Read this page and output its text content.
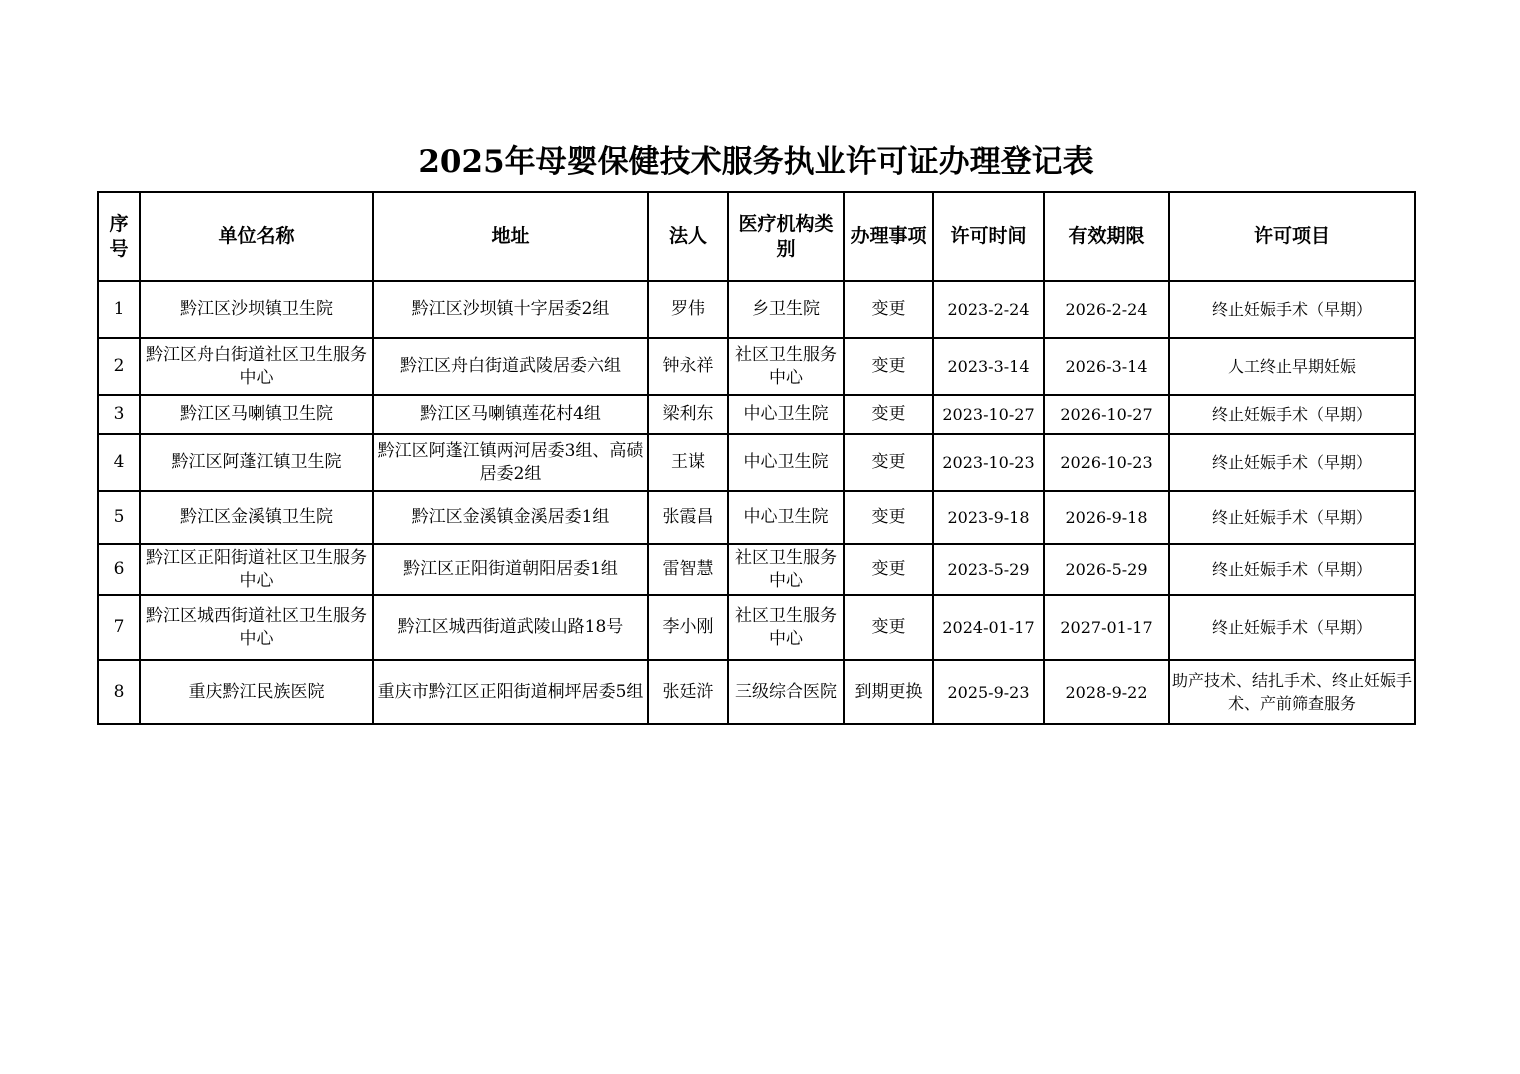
2025年母婴保健技术服务执业许可证办理登记表
序号	单位名称	地址	法人	医疗机构类别	办理事项	许可时间	有效期限	许可项目
1	黔江区沙坝镇卫生院	黔江区沙坝镇十字居委2组	罗伟	乡卫生院	变更	2023-2-24	2026-2-24	终止妊娠手术（早期）
2	黔江区舟白街道社区卫生服务中心	黔江区舟白街道武陵居委六组	钟永祥	社区卫生服务中心	变更	2023-3-14	2026-3-14	人工终止早期妊娠
3	黔江区马喇镇卫生院	黔江区马喇镇莲花村4组	梁利东	中心卫生院	变更	2023-10-27	2026-10-27	终止妊娠手术（早期）
4	黔江区阿蓬江镇卫生院	黔江区阿蓬江镇两河居委3组、高碛居委2组	王谋	中心卫生院	变更	2023-10-23	2026-10-23	终止妊娠手术（早期）
5	黔江区金溪镇卫生院	黔江区金溪镇金溪居委1组	张霞昌	中心卫生院	变更	2023-9-18	2026-9-18	终止妊娠手术（早期）
6	黔江区正阳街道社区卫生服务中心	黔江区正阳街道朝阳居委1组	雷智慧	社区卫生服务中心	变更	2023-5-29	2026-5-29	终止妊娠手术（早期）
7	黔江区城西街道社区卫生服务中心	黔江区城西街道武陵山路18号	李小刚	社区卫生服务中心	变更	2024-01-17	2027-01-17	终止妊娠手术（早期）
8	重庆黔江民族医院	重庆市黔江区正阳街道桐坪居委5组	张廷浒	三级综合医院	到期更换	2025-9-23	2028-9-22	助产技术、结扎手术、终止妊娠手术、产前筛查服务
